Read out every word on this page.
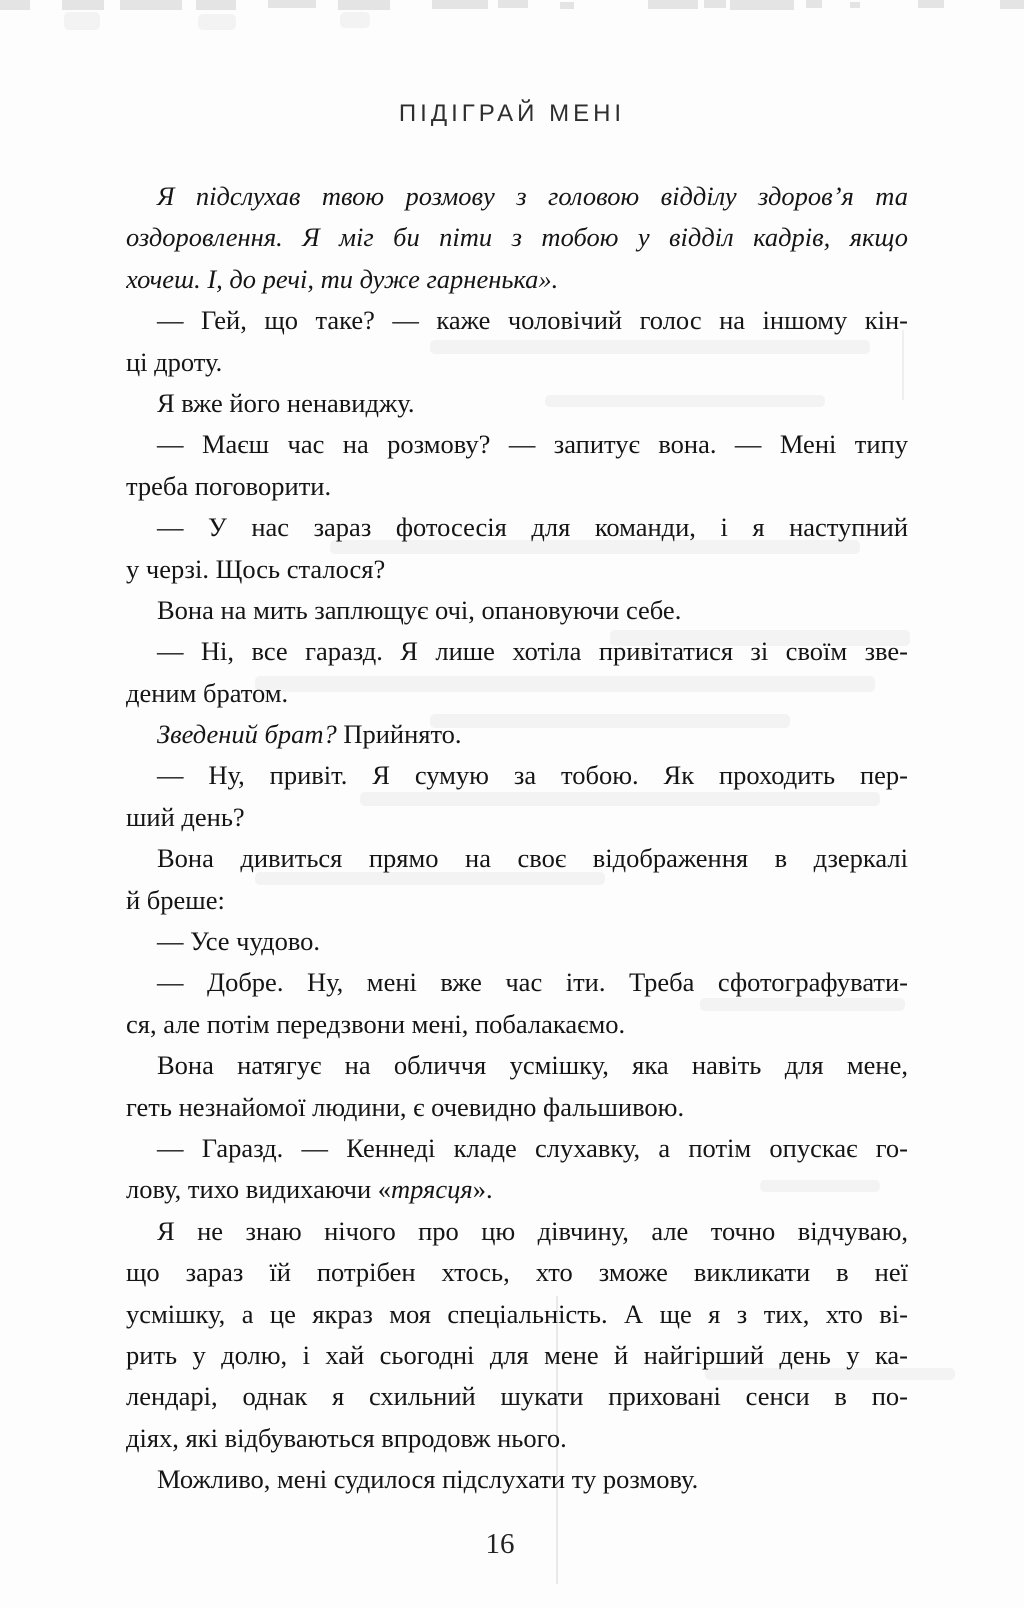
ПІДІГРАЙ МЕНІ
Я підслухав твою розмову з головою відділу здоров’я та
оздоровлення. Я міг би піти з тобою у відділ кадрів, якщо
хочеш. І, до речі, ти дуже гарненька».
— Гей, що таке? — каже чоловічий голос на іншому кін-
ці дроту.
Я вже його ненавиджу.
— Маєш час на розмову? — запитує вона. — Мені типу
треба поговорити.
— У нас зараз фотосесія для команди, і я наступний
у черзі. Щось сталося?
Вона на мить заплющує очі, опановуючи себе.
— Ні, все гаразд. Я лише хотіла привітатися зі своїм зве-
деним братом.
Зведений брат? Прийнято.
— Ну, привіт. Я сумую за тобою. Як проходить пер-
ший день?
Вона дивиться прямо на своє відображення в дзеркалі
й бреше:
— Усе чудово.
— Добре. Ну, мені вже час іти. Треба сфотографувати-
ся, але потім передзвони мені, побалакаємо.
Вона натягує на обличчя усмішку, яка навіть для мене,
геть незнайомої людини, є очевидно фальшивою.
— Гаразд. — Кеннеді кладе слухавку, а потім опускає го-
лову, тихо видихаючи «трясця».
Я не знаю нічого про цю дівчину, але точно відчуваю,
що зараз їй потрібен хтось, хто зможе викликати в неї
усмішку, а це якраз моя спеціальність. А ще я з тих, хто ві-
рить у долю, і хай сьогодні для мене й найгірший день у ка-
лендарі, однак я схильний шукати приховані сенси в по-
діях, які відбуваються впродовж нього.
Можливо, мені судилося підслухати ту розмову.
16
